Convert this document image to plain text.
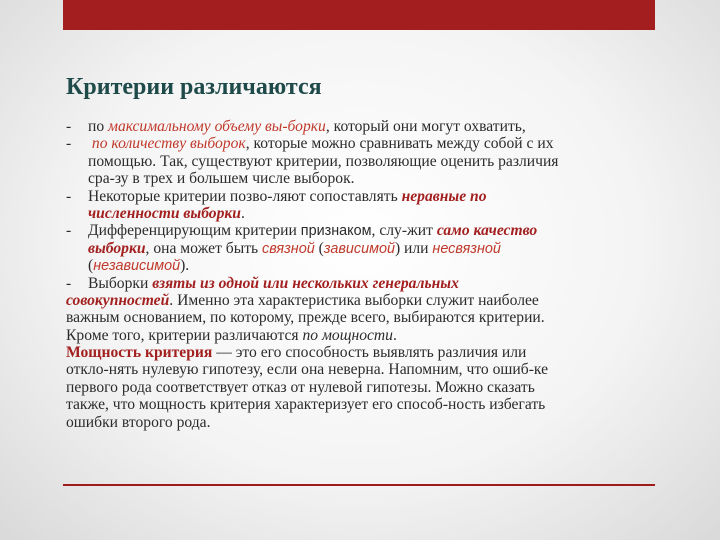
Критерии различаются
- по максимальному объему вы-борки, который они могут охватить,
- по количеству выборок, которые можно сравнивать между собой с их
помощью. Так, существуют критерии, позволяющие оценить различия
сра-зу в трех и большем числе выборок.
- Некоторые критерии позво-ляют сопоставлять неравные по
численности выборки.
- Дифференцирующим критерии признаком, слу-жит само качество
выборки, она может быть связной (зависимой) или несвязной
(независимой).
- Выборки взяты из одной или нескольких генеральных
совокупностей. Именно эта характеристика выборки служит наиболее
важным основанием, по которому, прежде всего, выбираются критерии.
Кроме того, критерии различаются по мощности.
Мощность критерия — это его способность выявлять различия или
откло-нять нулевую гипотезу, если она неверна. Напомним, что ошиб-ке
первого рода соответствует отказ от нулевой гипотезы. Можно сказать
также, что мощность критерия характеризует его способ-ность избегать
ошибки второго рода.
